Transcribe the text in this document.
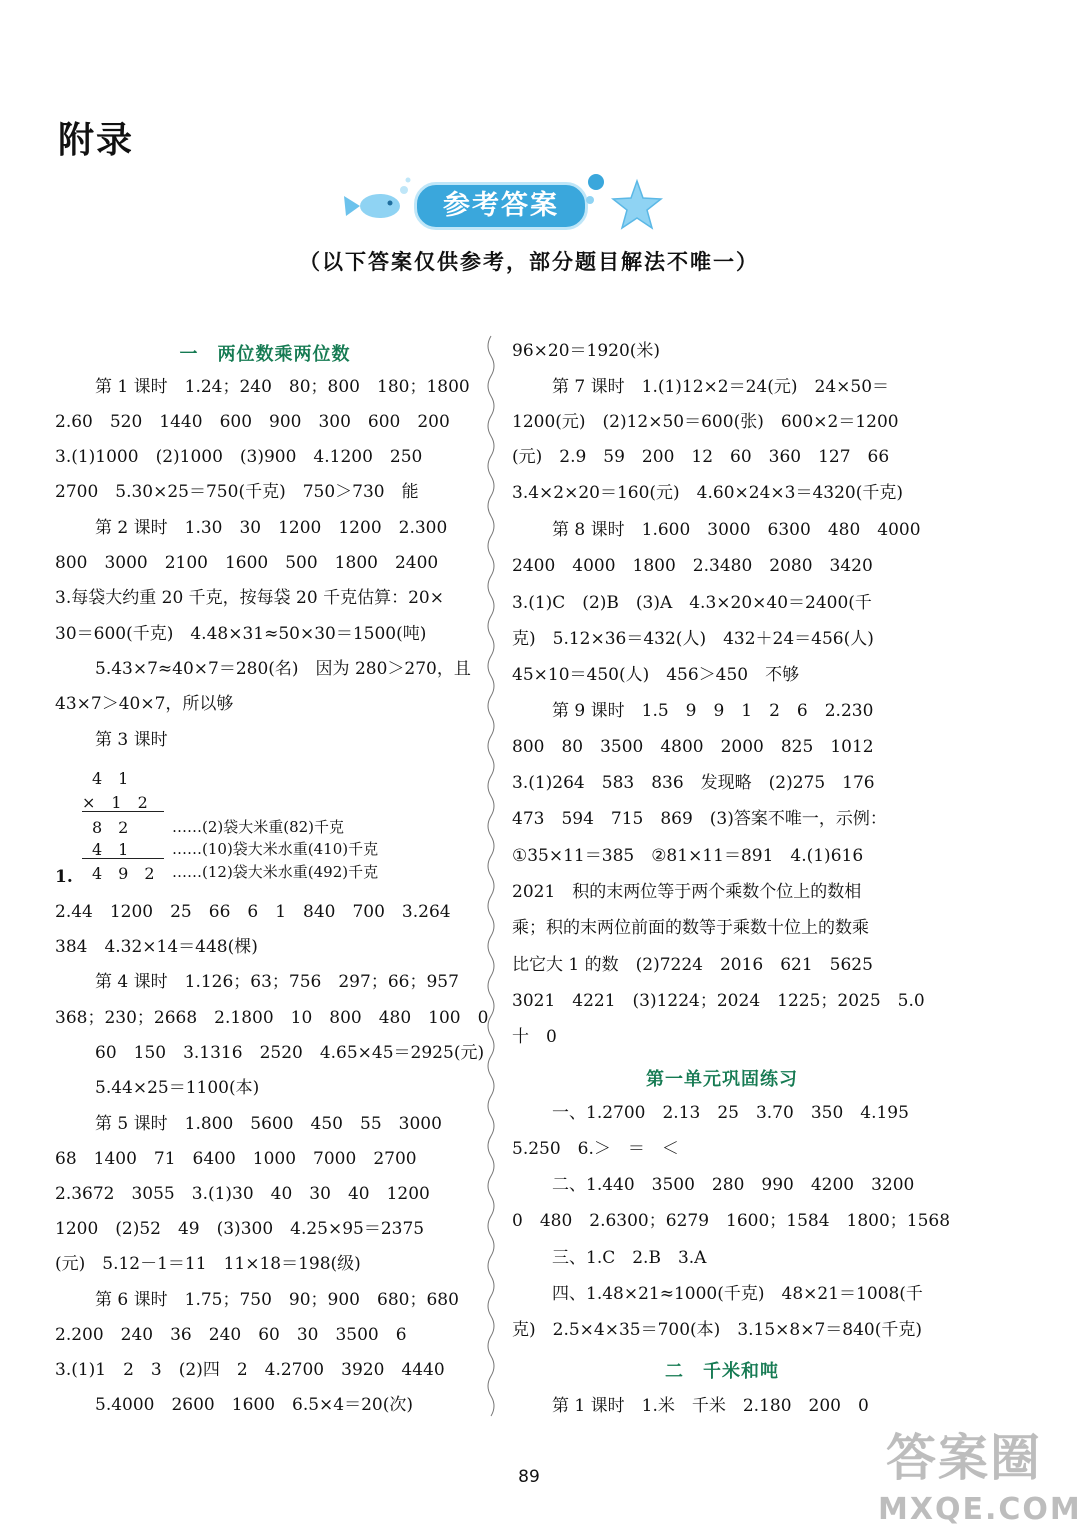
附录
参考答案
（以下答案仅供参考，部分题目解法不唯一）
一　两位数乘两位数
第 1 课时　1.24；240　80；800　180；1800
2.60　520　1440　600　900　300　600　200
3.(1)1000　(2)1000　(3)900　4.1200　250
2700　5.30×25＝750(千克)　750＞730　能
第 2 课时　1.30　30　1200　1200　2.300
800　3000　2100　1600　500　1800　2400
3.每袋大约重 20 千克，按每袋 20 千克估算：20×
30＝600(千克)　4.48×31≈50×30＝1500(吨)
5.43×7≈40×7＝280(名)　因为 280＞270，且
43×7＞40×7，所以够
第 3 课时
4　1
×　1　2
8　2
4　1
4　9　2
……(2)袋大米重(82)千克
……(10)袋大米水重(410)千克
……(12)袋大米水重(492)千克
1.
2.44　1200　25　66　6　1　840　700　3.264
384　4.32×14＝448(棵)
第 4 课时　1.126；63；756　297；66；957
368；230；2668　2.1800　10　800　480　100　0
60　150　3.1316　2520　4.65×45＝2925(元)
5.44×25＝1100(本)
第 5 课时　1.800　5600　450　55　3000
68　1400　71　6400　1000　7000　2700
2.3672　3055　3.(1)30　40　30　40　1200
1200　(2)52　49　(3)300　4.25×95＝2375
(元)　5.12－1＝11　11×18＝198(级)
第 6 课时　1.75；750　90；900　680；680
2.200　240　36　240　60　30　3500　6
3.(1)1　2　3　(2)四　2　4.2700　3920　4440
5.4000　2600　1600　6.5×4＝20(次)
96×20＝1920(米)
第 7 课时　1.(1)12×2＝24(元)　24×50＝
1200(元)　(2)12×50＝600(张)　600×2＝1200
(元)　2.9　59　200　12　60　360　127　66
3.4×2×20＝160(元)　4.60×24×3＝4320(千克)
第 8 课时　1.600　3000　6300　480　4000
2400　4000　1800　2.3480　2080　3420
3.(1)C　(2)B　(3)A　4.3×20×40＝2400(千
克)　5.12×36＝432(人)　432＋24＝456(人)
45×10＝450(人)　456＞450　不够
第 9 课时　1.5　9　9　1　2　6　2.230
800　80　3500　4800　2000　825　1012
3.(1)264　583　836　发现略　(2)275　176
473　594　715　869　(3)答案不唯一，示例：
①35×11＝385　②81×11＝891　4.(1)616
2021　积的末两位等于两个乘数个位上的数相
乘；积的末两位前面的数等于乘数十位上的数乘
比它大 1 的数　(2)7224　2016　621　5625
3021　4221　(3)1224；2024　1225；2025　5.0
十　0
第一单元巩固练习
一、1.2700　2.13　25　3.70　350　4.195
5.250　6.＞　＝　＜
二、1.440　3500　280　990　4200　3200
0　480　2.6300；6279　1600；1584　1800；1568
三、1.C　2.B　3.A
四、1.48×21≈1000(千克)　48×21＝1008(千
克)　2.5×4×35＝700(本)　3.15×8×7＝840(千克)
二　千米和吨
第 1 课时　1.米　千米　2.180　200　0
89	答案圈
MXQE.COM
